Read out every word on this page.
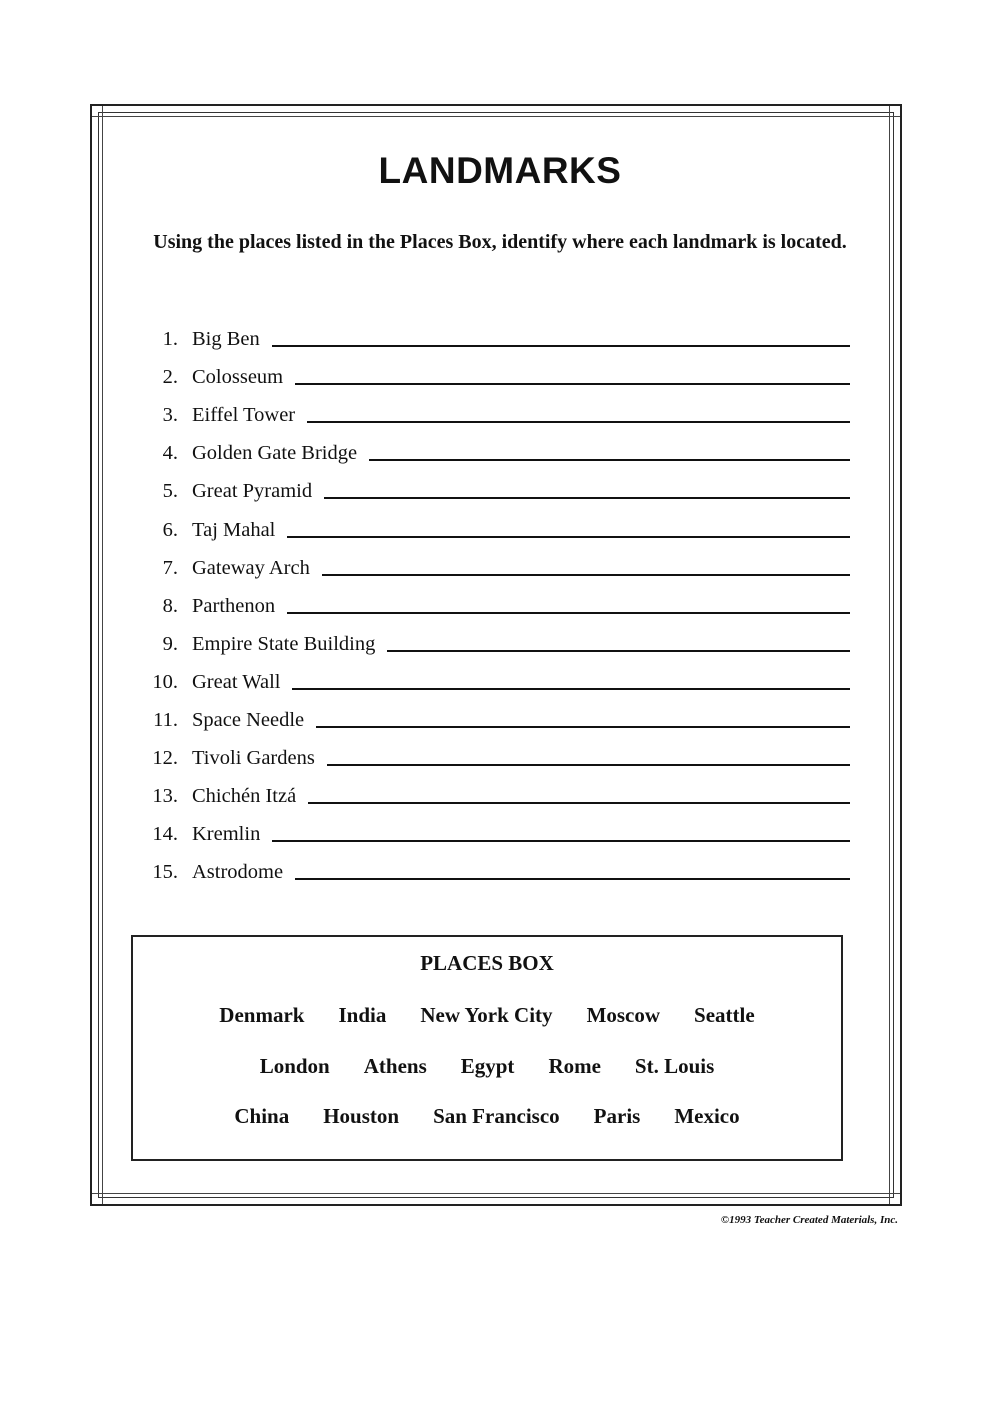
LANDMARKS
Using the places listed in the Places Box, identify where each landmark is located.
1. Big Ben
2. Colosseum
3. Eiffel Tower
4. Golden Gate Bridge
5. Great Pyramid
6. Taj Mahal
7. Gateway Arch
8. Parthenon
9. Empire State Building
10. Great Wall
11. Space Needle
12. Tivoli Gardens
13. Chichén Itzá
14. Kremlin
15. Astrodome
PLACES BOX
Denmark India New York City Moscow Seattle
London Athens Egypt Rome St. Louis
China Houston San Francisco Paris Mexico
©1993 Teacher Created Materials, Inc.
